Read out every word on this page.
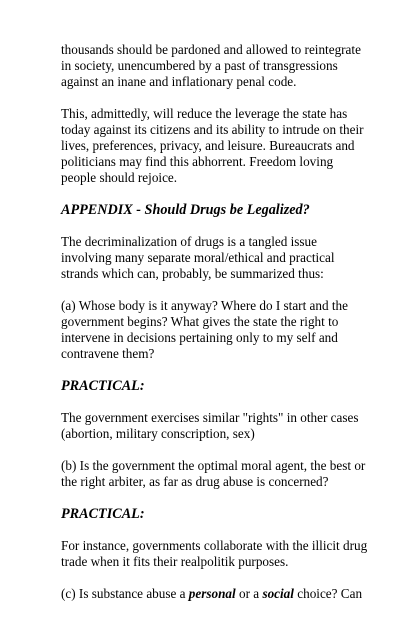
thousands should be pardoned and allowed to reintegrate
in society, unencumbered by a past of transgressions
against an inane and inflationary penal code.
This, admittedly, will reduce the leverage the state has
today against its citizens and its ability to intrude on their
lives, preferences, privacy, and leisure. Bureaucrats and
politicians may find this abhorrent. Freedom loving
people should rejoice.
APPENDIX - Should Drugs be Legalized?
The decriminalization of drugs is a tangled issue
involving many separate moral/ethical and practical
strands which can, probably, be summarized thus:
(a) Whose body is it anyway? Where do I start and the
government begins? What gives the state the right to
intervene in decisions pertaining only to my self and
contravene them?
PRACTICAL:
The government exercises similar "rights" in other cases
(abortion, military conscription, sex)
(b) Is the government the optimal moral agent, the best or
the right arbiter, as far as drug abuse is concerned?
PRACTICAL:
For instance, governments collaborate with the illicit drug
trade when it fits their realpolitik purposes.
(c) Is substance abuse a personal or a social choice? Can
